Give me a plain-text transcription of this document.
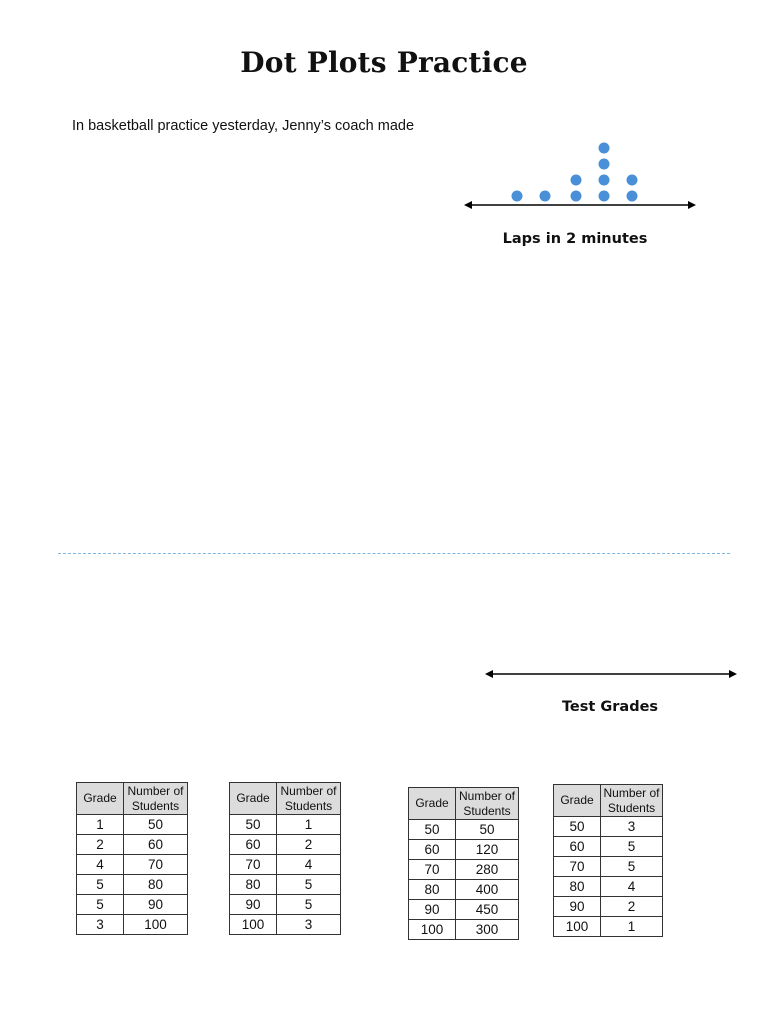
Dot Plots Practice
In basketball practice yesterday, Jenny’s coach made
Laps in 2 minutes
Test Grades
Grade	Number of Students
1	50
2	60
4	70
5	80
5	90
3	100
Grade	Number of Students
50	1
60	2
70	4
80	5
90	5
100	3
Grade	Number of Students
50	50
60	120
70	280
80	400
90	450
100	300
Grade	Number of Students
50	3
60	5
70	5
80	4
90	2
100	1
